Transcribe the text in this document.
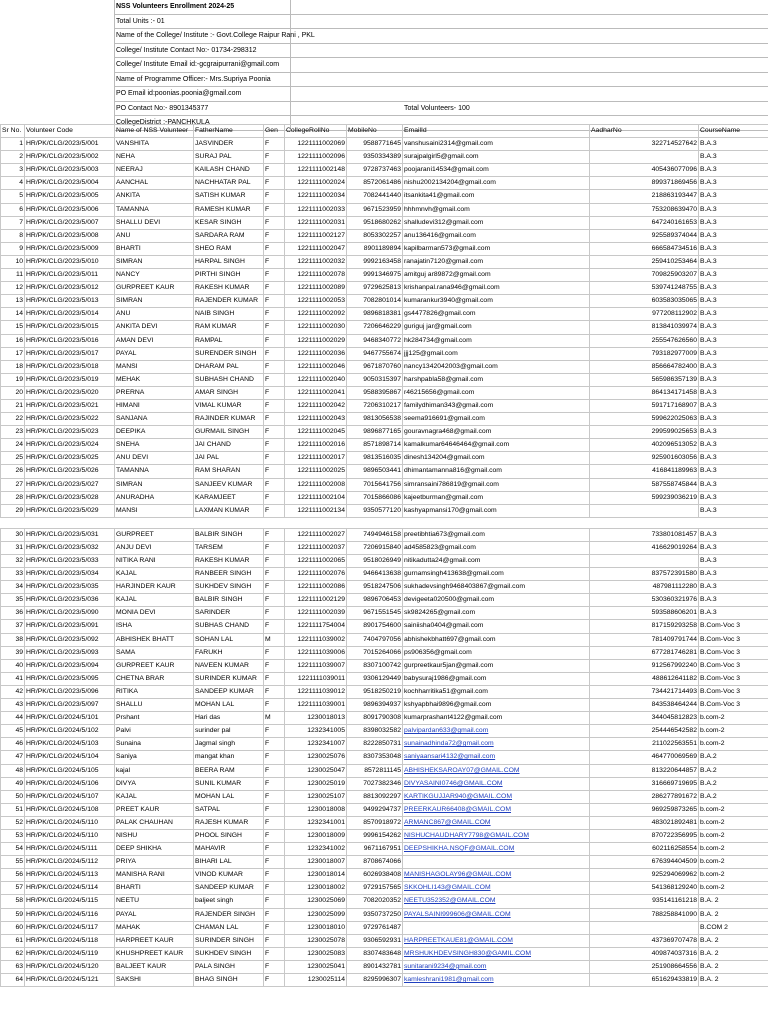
NSS Volunteers Enrollment 2024-25
Total Units :- 01
Name of the College/ Institute :- Govt.College Raipur Rani , PKL
College/ Institute Contact No:- 01734-298312
College/ Institute Email id:-gcgraipurrani@gmail.com
Name of Programme Officer:- Mrs.Supriya Poonia
PO Email id:poonias.poonia@gmail.com
PO Contact No:- 8901345377	Total Volunteers- 100
CollegeDistrict :-PANCHKULA
Sr No.	Volunteer Code	Name of NSS Volunteer	FatherName	Gen	CollegeRollNo	MobileNo	EmailId	AadharNo	CourseName
1	HR/PK/CLG/2023/5/001	VANSHITA	JASVINDER	F	1221111002069	9588771645	vanshusaini2314@gmail.com	322714527642	B.A.3
2	HR/PK/CLG/2023/5/002	NEHA	SURAJ PAL	F	1221111002096	9350334389	surajpalgirl5@gmail.com		B.A.3
3	HR/PK/CLG/2023/5/003	NEERAJ	KAILASH CHAND	F	1221111002148	9728737463	poojarani14534@gmail.com	405436077096	B.A.3
4	HR/PK/CLG/2023/5/004	AANCHAL	NACHHATAR PAL	F	1221111002024	8572061486	nishu2002134204@gmail.com	899371869456	B.A.3
5	HR/PK/CLG/2023/5/005	ANKITA	SATISH KUMAR	F	1221111002034	7082441440	itsankita41@gmail.com	218863193447	B.A.3
6	HR/PK/CLG/2023/5/006	TAMANNA	RAMESH KUMAR	F	1221111002033	9671523959	hhhmnvh@gmail.com	753208639470	B.A.3
7	HR/PK/CLG/2023/5/007	SHALLU DEVI	KESAR SINGH	F	1221111002031	9518680262	shalludevi312@gmail.com	647240161653	B.A.3
8	HR/PK/CLG/2023/5/008	ANU	SARDARA RAM	F	1221111002127	8053302257	anu136416@gmail.com	925589374044	B.A.3
9	HR/PK/CLG/2023/5/009	BHARTI	SHEO RAM	F	1221111002047	8901189894	kapilbarman573@gmail.com	666584734516	B.A.3
10	HR/PK/CLG/2023/5/010	SIMRAN	HARPAL SINGH	F	1221111002032	9992163458	ranajatin7120@gmail.com	259410253464	B.A.3
11	HR/PK/CLG/2023/5/011	NANCY	PIRTHI SINGH	F	1221111002078	9991346975	amitguj ar89872@gmail.com	709825903207	B.A.3
12	HR/PK/CLG/2023/5/012	GURPREET KAUR	RAKESH KUMAR	F	1221111002089	9729625813	krishanpal.rana946@gmail.com	539741248755	B.A.3
13	HR/PK/CLG/2023/5/013	SIMRAN	RAJENDER KUMAR	F	1221111002053	7082801014	kumarankur3940@gmail.com	603583035065	B.A.3
14	HR/PK/CLG/2023/5/014	ANU	NAIB SINGH	F	1221111002092	9896818381	gs4477826@gmail.com	977208112902	B.A.3
15	HR/PK/CLG/2023/5/015	ANKITA DEVI	RAM KUMAR	F	1221111002030	7206646229	guriguj jar@gmail.com	813841039974	B.A.3
16	HR/PK/CLG/2023/5/016	AMAN DEVI	RAMPAL	F	1221111002029	9468340772	hk284734@gmail.com	255547626560	B.A.3
17	HR/PK/CLG/2023/5/017	PAYAL	SURENDER SINGH	F	1221111002036	9467755674	jjj125@gmail.com	793182977009	B.A.3
18	HR/PK/CLG/2023/5/018	MANSI	DHARAM PAL	F	1221111002046	9671870760	nancy1342042003@gmail.com	856664782400	B.A.3
19	HR/PK/CLG/2023/5/019	MEHAK	SUBHASH CHAND	F	1221111002040	9050315397	harshpabla58@gmail.com	565986357139	B.A.3
20	HR/PK/CLG/2023/5/020	PRERNA	AMAR SINGH	F	1221111002041	9588395867	r46215656@gmail.com	864134171458	B.A.3
21	HR/PK/CLG/2023/5/021	HIMANI	VIMAL KUMAR	F	1221111002042	7206310217	familydhiman343@gmail.com	591717168907	B.A.3
22	HR/PK/CLG/2023/5/022	SANJANA	RAJINDER KUMAR	F	1221111002043	9813056538	seema916691@gmail.com	599622025063	B.A.3
23	HR/PK/CLG/2023/5/023	DEEPIKA	GURMAIL SINGH	F	1221111002045	9896877165	gouravnagra468@gmail.com	299599025653	B.A.3
24	HR/PK/CLG/2023/5/024	SNEHA	JAI CHAND	F	1221111002016	8571898714	kamalkumar64646464@gmail.com	402096513052	B.A.3
25	HR/PK/CLG/2023/5/025	ANU DEVI	JAI PAL	F	1221111002017	9813516035	dinesh134204@gmail.com	925901603056	B.A.3
26	HR/PK/CLG/2023/5/026	TAMANNA	RAM SHARAN	F	1221111002025	9896503441	dhimantamanna816@gmail.com	416841189963	B.A.3
27	HR/PK/CLG/2023/5/027	SIMRAN	SANJEEV KUMAR	F	1221111002008	7015641756	simransaini786819@gmail.com	587558745844	B.A.3
28	HR/PK/CLG/2023/5/028	ANURADHA	KARAMJEET	F	1221111002104	7015866086	kajeetburman@gmail.com	599239036219	B.A.3
29	HR/PK/CLG/2023/5/029	MANSI	LAXMAN KUMAR	F	1221111002134	9350577120	kashyapmansi170@gmail.com		B.A.3

30	HR/PK/CLG/2023/5/031	GURPREET	BALBIR SINGH	F	1221111002027	7494946158	preetibhtia673@gmail.com	733801081457	B.A.3
31	HR/PK/CLG/2023/5/032	ANJU DEVI	TARSEM	F	1221111002037	7206915840	ad4585823@gmail.com	416629019264	B.A.3
32	HR/PK/CLG/2023/5/033	NITIKA RANI	RAKESH KUMAR	F	1221111002065	9518026949	nitikadutta24@gmail.com		B.A.3
33	HR/PK/CLG/2023/5/034	KAJAL	RANBEER SINGH	F	1221111002076	9466413638	gurnamsingh413638@gmail.com	837572391580	B.A.3
34	HR/PK/CLG/2023/5/035	HARJINDER KAUR	SUKHDEV SINGH	F	1221111002086	9518247506	sukhadevsingh9468403867@gmail.com	487981112280	B.A.3
35	HR/PK/CLG/2023/5/036	KAJAL	BALBIR SINGH	F	1221111002129	9896706453	devigeeta020500@gmail.com	530360321976	B.A.3
36	HR/PK/CLG/2023/5/090	MONIA DEVI	SARINDER	F	1221111002039	9671551545	sk9824265@gmail.com	593588606201	B.A.3
37	HR/PK/CLG/2023/5/091	ISHA	SUBHAS CHAND	F	1221111754004	8901754600	sainiisha0404@gmail.com	817159293258	B.Com-Voc 3
38	HR/PK/CLG/2023/5/092	ABHISHEK BHATT	SOHAN LAL	M	1221111039002	7404797056	abhishekbhatt697@gmail.com	781409791744	B.Com-Voc 3
39	HR/PK/CLG/2023/5/093	SAMA	FARUKH	F	1221111039006	7015264066	ps906356@gmail.com	677281746281	B.Com-Voc 3
40	HR/PK/CLG/2023/5/094	GURPREET KAUR	NAVEEN KUMAR	F	1221111039007	8307100742	gurpreetkaur5jan@gmail.com	912567992240	B.Com-Voc 3
41	HR/PK/CLG/2023/5/095	CHETNA BRAR	SURINDER KUMAR	F	1221111039011	9306129449	babysuraj1986@gmail.com	488612641182	B.Com-Voc 3
42	HR/PK/CLG/2023/5/096	RITIKA	SANDEEP KUMAR	F	1221111039012	9518250219	kochharritika51@gmail.com	734421714493	B.Com-Voc 3
43	HR/PK/CLG/2023/5/097	SHALLU	MOHAN LAL	F	1221111039001	9896394937	kshyapbhai9896@gmail.com	843538464244	B.Com-Voc 3
44	HR/PK/CLG/2024/5/101	Prshant	Hari das	M	1230018013	8091790308	kumarprashant4122@gmail.com	344045812823	b.com-2
45	HR/PK/CLG/2024/5/102	Palvi	surinder pal	F	1232341005	8398032582	palvipardan633@gmail.com	254446542582	b.com-2
46	HR/PK/CLG/2024/5/103	Sunaina	Jagmal singh	F	1232341007	8222850731	sunainadhinda72@gmail.com	211022563551	b.com-2
47	HR/PK/CLG/2024/5/104	Saniya	mangat khan	F	1230025076	8307353048	saniyaansari4132@gmail.com	464770069569	B.A.2
48	HR/PK/CLG/2024/5/105	kajal	BEERA RAM	F	1230025047	8572811145	ABHISHEKSAROAY07@GMAIL.COM	813220644857	B.A.2
49	HR/PK/CLG/2024/5/106	DIVYA	SUNIL KUMAR	F	1230025019	7027382346	DIVYASAINI0746@GMAIL.COM	316669719695	B.A.2
50	HR/PK/CLG/2024/5/107	KAJAL	MOHAN LAL	F	1230025107	8813092297	KARTIKGUJJAR940@GMAIL.COM	286277891672	B.A.2
51	HR/PK/CLG/2024/5/108	PREET KAUR	SATPAL	F	1230018008	9499294737	PREERKAUR66408@GMAIL.COM	969259873265	b.com-2
52	HR/PK/CLG/2024/5/110	PALAK CHAUHAN	RAJESH KUMAR	F	1232341001	8570918972	ARMANC867@GMAIL.COM	483021892481	b.com-2
53	HR/PK/CLG/2024/5/110	NISHU	PHOOL SINGH	F	1230018009	9996154262	NISHUCHAUDHARY7798@GMAIL.COM	870722356995	b.com-2
54	HR/PK/CLG/2024/5/111	DEEP SHIKHA	MAHAVIR	F	1232341002	9671167951	DEEPSHIKHA.NSQF@GMAIL.COM	602116258554	b.com-2
55	HR/PK/CLG/2024/5/112	PRIYA	BIHARI LAL	F	1230018007	8708674066		676394404509	b.com-2
56	HR/PK/CLG/2024/5/113	MANISHA RANI	VINOD KUMAR	F	1230018014	6026938408	MANISHAGOLAY96@GMAIL.COM	925294069962	b.com-2
57	HR/PK/CLG/2024/5/114	BHARTI	SANDEEP KUMAR	F	1230018002	9729157565	SKKOHLI143@GMAIL.COM	541368129240	b.com-2
58	HR/PK/CLG/2024/5/115	NEETU	baljeet singh	F	1230025069	7082020352	NEETU352352@GMAIL.COM	935141161218	B.A. 2
59	HR/PK/CLG/2024/5/116	PAYAL	RAJENDER SINGH	F	1230025099	9350737250	PAYALSAINI999606@GMAIL.COM	788258841090	B.A. 2
60	HR/PK/CLG/2024/5/117	MAHAK	CHAMAN LAL	F	1230018010	9729761487			B.COM 2
61	HR/PK/CLG/2024/5/118	HARPREET KAUR	SURINDER SINGH	F	1230025078	9306592931	HARPREETKAUE81@GMAIL.COM	437369707478	B.A. 2
62	HR/PK/CLG/2024/5/119	KHUSHPREET KAUR	SUKHDEV SINGH	F	1230025083	8307483648	MRSHUKHDEVSINGH830@GAMIL.COM	409874037316	B.A. 2
63	HR/PK/CLG/2024/5/120	BALJEET KAUR	PALA SINGH	F	1230025041	8901432781	sunitarani9234@gmail.com	251908664556	B.A. 2
64	HR/PK/CLG/2024/5/121	SAKSHI	BHAG SINGH	F	1230025114	8295996307	kamleshrani1981@gmail.com	651629433819	B.A. 2
